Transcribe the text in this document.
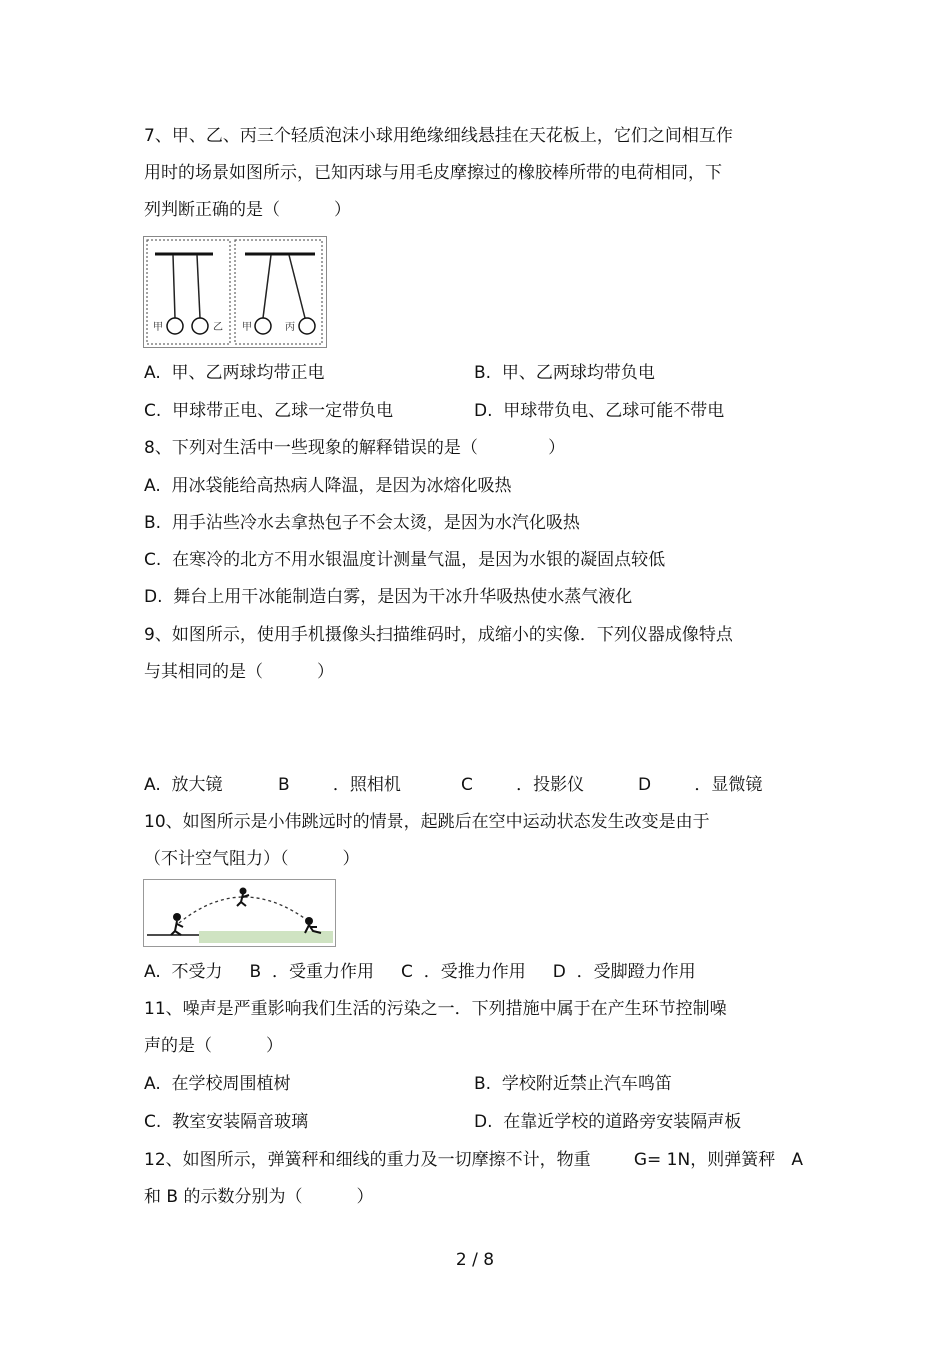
7、甲、乙、丙三个轻质泡沫小球用绝缘细线悬挂在天花板上，它们之间相互作
用时的场景如图所示，已知丙球与用毛皮摩擦过的橡胶棒所带的电荷相同，下
列判断正确的是（          ）
甲	乙 甲	丙
A.  甲、乙两球均带正电	B.  甲、乙两球均带负电
C.  甲球带正电、乙球一定带负电	D.  甲球带负电、乙球可能不带电
8、下列对生活中一些现象的解释错误的是（             ）
A.  用冰袋能给高热病人降温，是因为冰熔化吸热
B.  用手沾些冷水去拿热包子不会太烫，是因为水汽化吸热
C.  在寒冷的北方不用水银温度计测量气温，是因为水银的凝固点较低
D.  舞台上用干冰能制造白雾，是因为干冰升华吸热使水蒸气液化
9、如图所示，使用手机摄像头扫描维码时，成缩小的实像．下列仪器成像特点
与其相同的是（          ）
A.  放大镜	B        ．照相机	C        ．投影仪	D        ．显微镜
10、如图所示是小伟跳远时的情景，起跳后在空中运动状态发生改变是由于
（不计空气阻力）（          ）
A.  不受力     B  ．受重力作用     C  ．受推力作用     D  ．受脚蹬力作用
11、噪声是严重影响我们生活的污染之一．下列措施中属于在产生环节控制噪
声的是（          ）
A.  在学校周围植树	B.  学校附近禁止汽车鸣笛
C.  教室安装隔音玻璃	D.  在靠近学校的道路旁安装隔声板
12、如图所示，弹簧秤和细线的重力及一切摩擦不计，物重        G= 1N，则弹簧秤   A
和 B 的示数分别为（          ）
2 / 8
